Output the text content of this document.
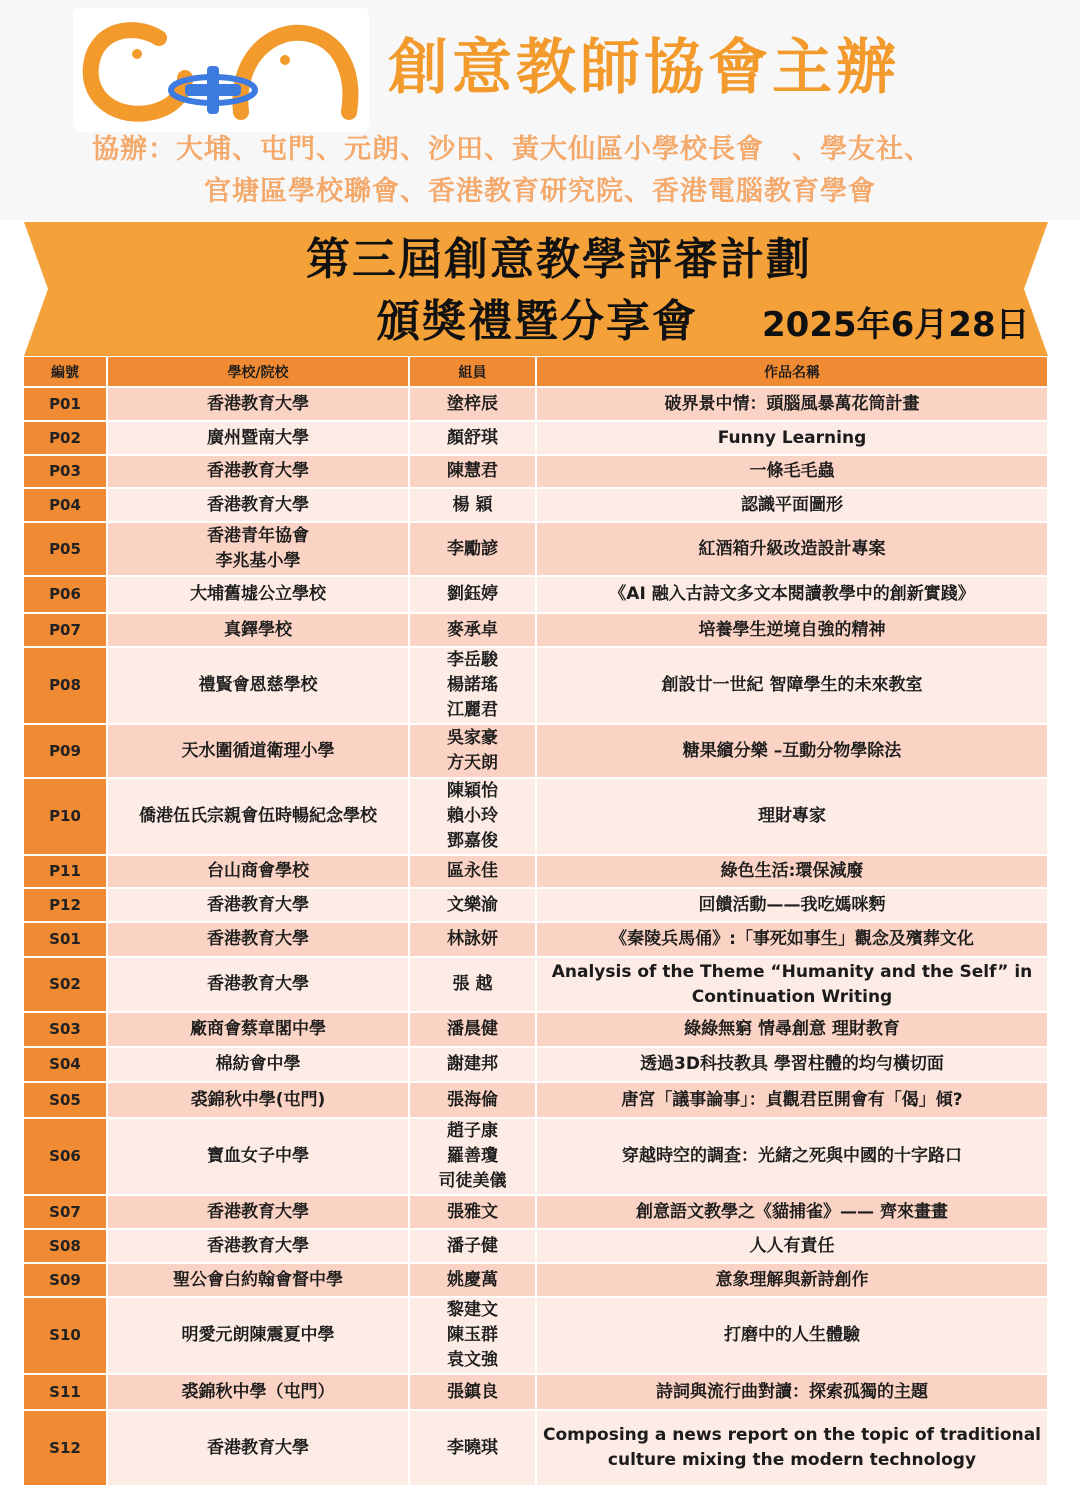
創意教師協會主辦
協辦：大埔、屯門、元朗、沙田、黃大仙區小學校長會　、學友社、
官塘區學校聯會、香港教育研究院、香港電腦教育學會
第三屆創意教學評審計劃
頒獎禮暨分享會 2025年6月28日
編號	學校/院校	組員	作品名稱
P01	香港教育大學	塗梓辰	破界景中情：頭腦風暴萬花筒計畫

P02	廣州暨南大學	顏舒琪	Funny Learning

P03	香港教育大學	陳慧君	一條毛毛蟲

P04	香港教育大學	楊 穎	認識平面圖形

P05	香港青年協會
李兆基小學	李勵諺	紅酒箱升級改造設計專案

P06	大埔舊墟公立學校	劉鈺婷	《AI 融入古詩文多文本閱讀教學中的創新實踐》

P07	真鐸學校	麥承卓	培養學生逆境自強的精神

P08	禮賢會恩慈學校	李岳駿
楊諾瑤
江麗君	創設廿一世紀 智障學生的未來教室

P09	天水圍循道衛理小學	吳家豪
方天朗	糖果繽分樂 –互動分物學除法

P10	僑港伍氏宗親會伍時暢紀念學校	陳穎怡
賴小玲
鄧嘉俊	理財專家

P11	台山商會學校	區永佳	綠色生活:環保減廢

P12	香港教育大學	文樂渝	回饋活動——我吃媽咪麪

S01	香港教育大學	林詠妍	《秦陵兵馬俑》:「事死如事生」觀念及殯葬文化

S02	香港教育大學	張 越	Analysis of the Theme “Humanity and the Self” in
Continuation Writing

S03	廠商會蔡章閣中學	潘晨健	綠綠無窮 情尋創意 理財教育

S04	棉紡會中學	謝建邦	透過3D科技教具 學習柱體的均勻橫切面

S05	裘錦秋中學(屯門)	張海倫	唐宮「議事論事」：貞觀君臣開會有「偈」傾?

S06	寶血女子中學	趙子康
羅善瓊
司徒美儀	穿越時空的調查：光緒之死與中國的十字路口

S07	香港教育大學	張雅文	創意語文教學之《貓捕雀》—— 齊來畫畫

S08	香港教育大學	潘子健	人人有責任

S09	聖公會白約翰會督中學	姚慶萬	意象理解與新詩創作

S10	明愛元朗陳震夏中學	黎建文
陳玉群
袁文強	打磨中的人生體驗

S11	裘錦秋中學（屯門）	張鎮良	詩詞與流行曲對讀：探索孤獨的主題

S12	香港教育大學	李曉琪	Composing a news report on the topic of traditional
culture mixing the modern technology
